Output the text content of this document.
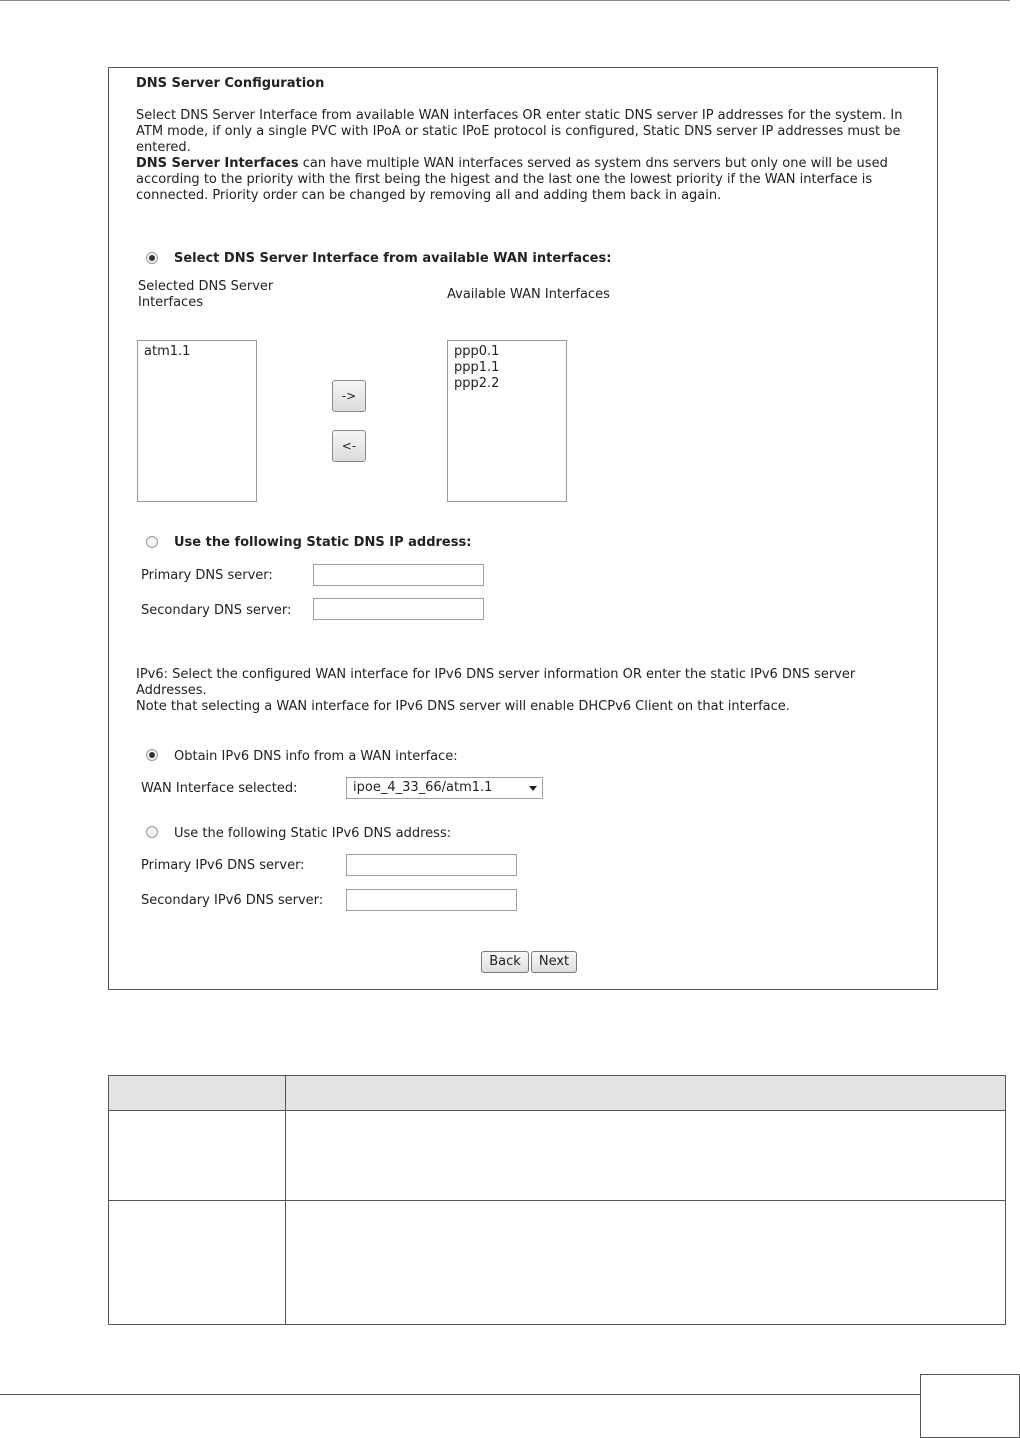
DNS Server Configuration
Select DNS Server Interface from available WAN interfaces OR enter static DNS server IP addresses for the system. In ATM mode, if only a single PVC with IPoA or static IPoE protocol is configured, Static DNS server IP addresses must be entered.
DNS Server Interfaces can have multiple WAN interfaces served as system dns servers but only one will be used according to the priority with the first being the higest and the last one the lowest priority if the WAN interface is connected. Priority order can be changed by removing all and adding them back in again.
Select DNS Server Interface from available WAN interfaces:
Selected DNS Server Interfaces
Available WAN Interfaces
atm1.1
->
<-
ppp0.1
ppp1.1
ppp2.2
Use the following Static DNS IP address:
Primary DNS server:
Secondary DNS server:
IPv6: Select the configured WAN interface for IPv6 DNS server information OR enter the static IPv6 DNS server Addresses.
Note that selecting a WAN interface for IPv6 DNS server will enable DHCPv6 Client on that interface.
Obtain IPv6 DNS info from a WAN interface:
WAN Interface selected:	ipoe_4_33_66/atm1.1
Use the following Static IPv6 DNS address:
Primary IPv6 DNS server:
Secondary IPv6 DNS server:
Back	Next
